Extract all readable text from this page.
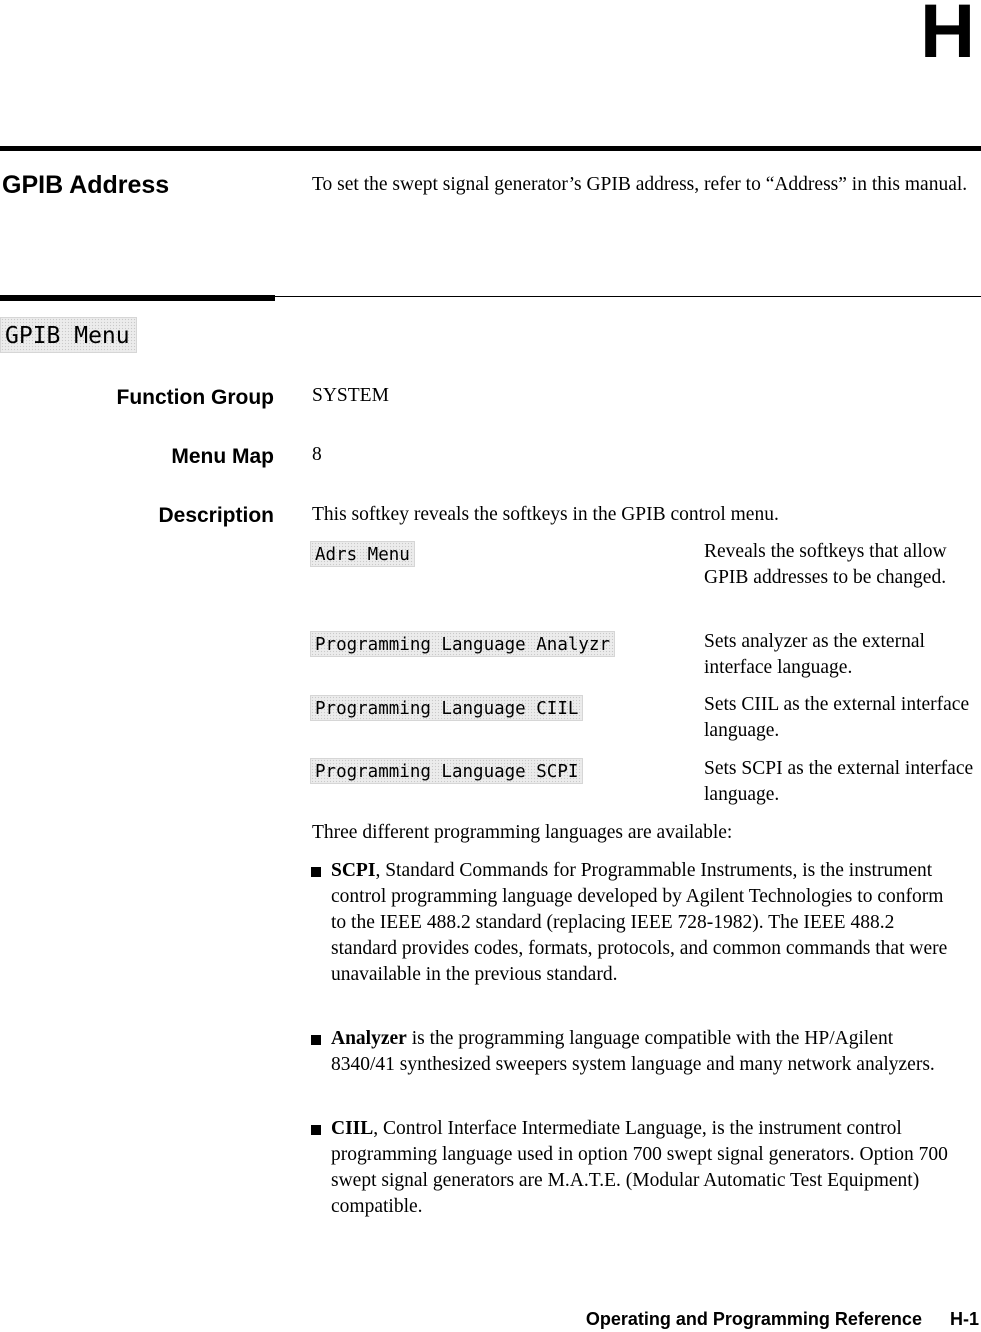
H
GPIB Address	To set the swept signal generator’s GPIB address, refer to “Address” in this manual.
GPIB Menu
Function Group SYSTEM
Menu Map 8
Description This softkey reveals the softkeys in the GPIB control menu.
Adrs Menu	Reveals the softkeys that allow GPIB addresses to be changed.
Programming Language Analyzr	Sets analyzer as the external interface language.
Programming Language CIIL	Sets CIIL as the external interface language.
Programming Language SCPI	Sets SCPI as the external interface language.
Three different programming languages are available:
SCPI, Standard Commands for Programmable Instruments, is the instrument control programming language developed by Agilent Technologies to conform to the IEEE 488.2 standard (replacing IEEE 728-1982). The IEEE 488.2 standard provides codes, formats, protocols, and common commands that were unavailable in the previous standard.
Analyzer is the programming language compatible with the HP/Agilent 8340/41 synthesized sweepers system language and many network analyzers.
CIIL, Control Interface Intermediate Language, is the instrument control programming language used in option 700 swept signal generators. Option 700 swept signal generators are M.A.T.E. (Modular Automatic Test Equipment) compatible.
Operating and Programming Reference H-1
